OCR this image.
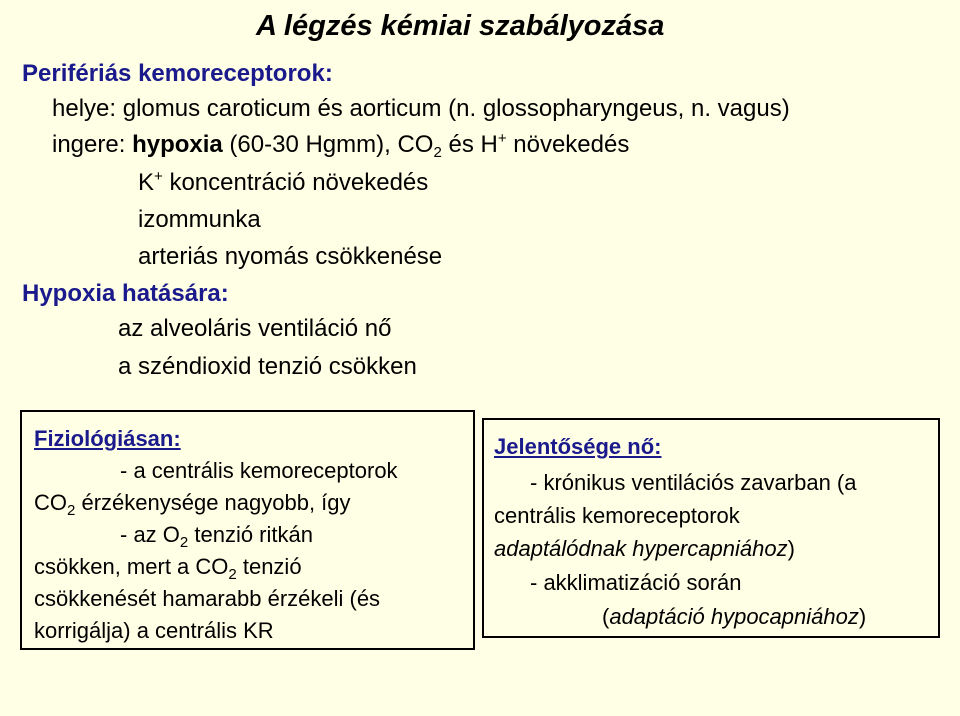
A légzés kémiai szabályozása
Perifériás kemoreceptorok:
helye: glomus caroticum és aorticum (n. glossopharyngeus, n. vagus)
ingere: hypoxia (60-30 Hgmm), $CO_2$ és H+ növekedés
K+ koncentráció növekedés
izommunka
arteriás nyomás csökkenése
Hypoxia hatására:
az alveoláris ventiláció nő
a széndioxid tenzió csökken
Fiziológiásan:
- a centrális kemoreceptorok
$CO_2$ érzékenysége nagyobb, így
- az $O_2$ tenzió ritkán
csökken, mert a $CO_2$ tenzió
csökkenését hamarabb érzékeli (és
korrigálja) a centrális KR
Jelentősége nő:
- krónikus ventilációs zavarban (a
centrális kemoreceptorok
adaptálódnak hypercapniához)
- akklimatizáció során
(adaptáció hypocapniához)
